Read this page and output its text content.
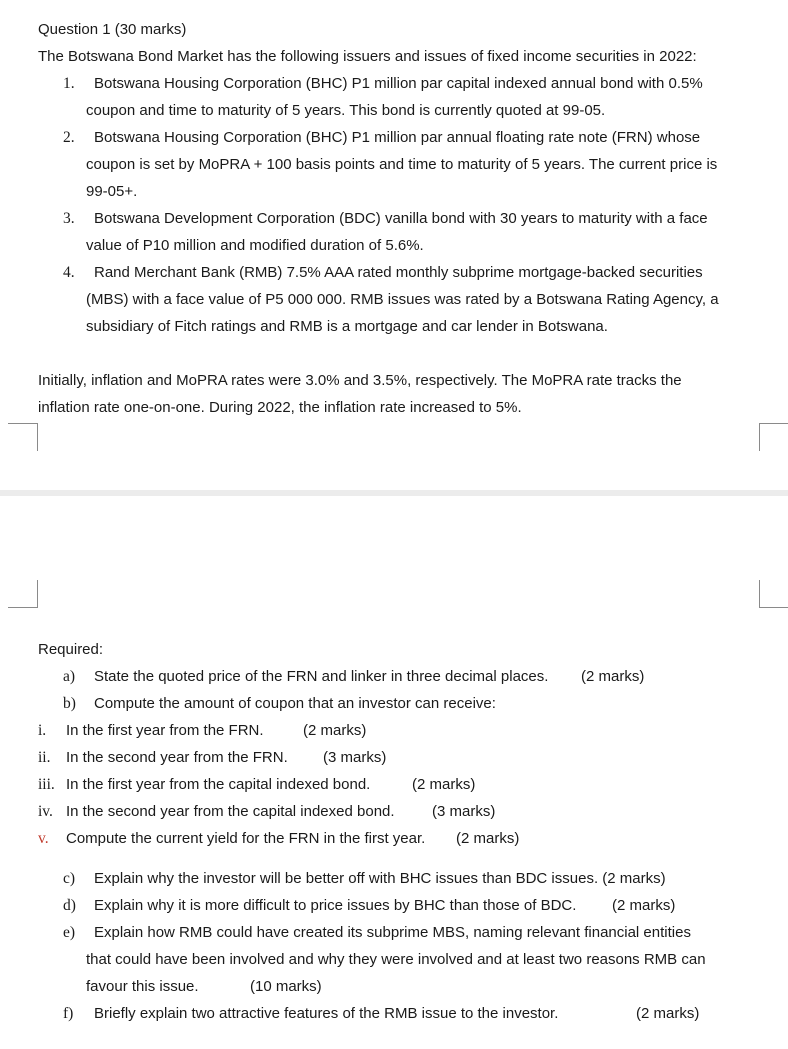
Question 1 (30 marks)
The Botswana Bond Market has the following issuers and issues of fixed income securities in 2022:
1. Botswana Housing Corporation (BHC) P1 million par capital indexed annual bond with 0.5%
coupon and time to maturity of 5 years. This bond is currently quoted at 99-05.
2. Botswana Housing Corporation (BHC) P1 million par annual floating rate note (FRN) whose
coupon is set by MoPRA + 100 basis points and time to maturity of 5 years. The current price is
99-05+.
3. Botswana Development Corporation (BDC) vanilla bond with 30 years to maturity with a face
value of P10 million and modified duration of 5.6%.
4. Rand Merchant Bank (RMB) 7.5% AAA rated monthly subprime mortgage-backed securities
(MBS) with a face value of P5 000 000. RMB issues was rated by a Botswana Rating Agency, a
subsidiary of Fitch ratings and RMB is a mortgage and car lender in Botswana.
Initially, inflation and MoPRA rates were 3.0% and 3.5%, respectively. The MoPRA rate tracks the
inflation rate one-on-one. During 2022, the inflation rate increased to 5%.
Required:
a) State the quoted price of the FRN and linker in three decimal places. (2 marks)
b) Compute the amount of coupon that an investor can receive:
i. In the first year from the FRN.	(2 marks)
ii. In the second year from the FRN. (3 marks)
iii. In the first year from the capital indexed bond.	(2 marks)
iv. In the second year from the capital indexed bond. (3 marks)
v. Compute the current yield for the FRN in the first year. (2 marks)
c) Explain why the investor will be better off with BHC issues than BDC issues. (2 marks)
d) Explain why it is more difficult to price issues by BHC than those of BDC. (2 marks)
e) Explain how RMB could have created its subprime MBS, naming relevant financial entities
that could have been involved and why they were involved and at least two reasons RMB can
favour this issue.	(10 marks)
f) Briefly explain two attractive features of the RMB issue to the investor.	(2 marks)
